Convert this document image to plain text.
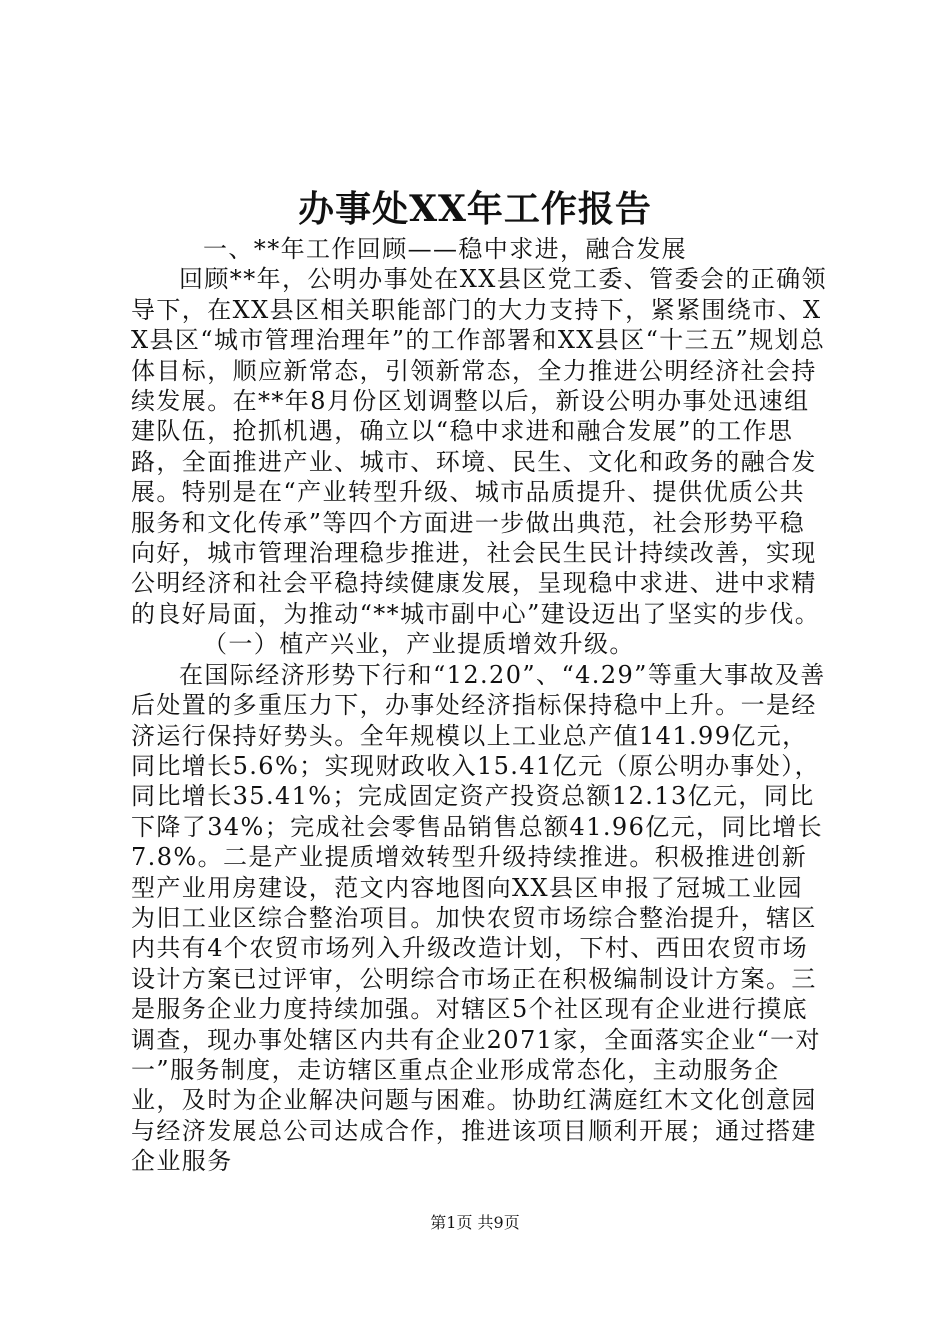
办事处XX年工作报告

一、**年工作回顾——稳中求进，融合发展

回顾**年，公明办事处在XX县区党工委、管委会的正确领导下，在XX县区相关职能部门的大力支持下，紧紧围绕市、XX县区“城市管理治理年”的工作部署和XX县区“十三五”规划总体目标，顺应新常态，引领新常态，全力推进公明经济社会持续发展。在**年8月份区划调整以后，新设公明办事处迅速组建队伍，抢抓机遇，确立以“稳中求进和融合发展”的工作思路，全面推进产业、城市、环境、民生、文化和政务的融合发展。特别是在“产业转型升级、城市品质提升、提供优质公共服务和文化传承”等四个方面进一步做出典范，社会形势平稳向好，城市管理治理稳步推进，社会民生民计持续改善，实现公明经济和社会平稳持续健康发展，呈现稳中求进、进中求精的良好局面，为推动“**城市副中心”建设迈出了坚实的步伐。

（一）植产兴业，产业提质增效升级。

在国际经济形势下行和“12.20”、“4.29”等重大事故及善后处置的多重压力下，办事处经济指标保持稳中上升。一是经济运行保持好势头。全年规模以上工业总产值141.99亿元，同比增长5.6%；实现财政收入15.41亿元（原公明办事处），同比增长35.41%；完成固定资产投资总额12.13亿元，同比下降了34%；完成社会零售品销售总额41.96亿元，同比增长7.8%。二是产业提质增效转型升级持续推进。积极推进创新型产业用房建设，范文内容地图向XX县区申报了冠城工业园为旧工业区综合整治项目。加快农贸市场综合整治提升，辖区内共有4个农贸市场列入升级改造计划，下村、西田农贸市场设计方案已过评审，公明综合市场正在积极编制设计方案。三是服务企业力度持续加强。对辖区5个社区现有企业进行摸底调查，现办事处辖区内共有企业2071家，全面落实企业“一对一”服务制度，走访辖区重点企业形成常态化，主动服务企业，及时为企业解决问题与困难。协助红满庭红木文化创意园与经济发展总公司达成合作，推进该项目顺利开展；通过搭建企业服务

第1页 共9页
